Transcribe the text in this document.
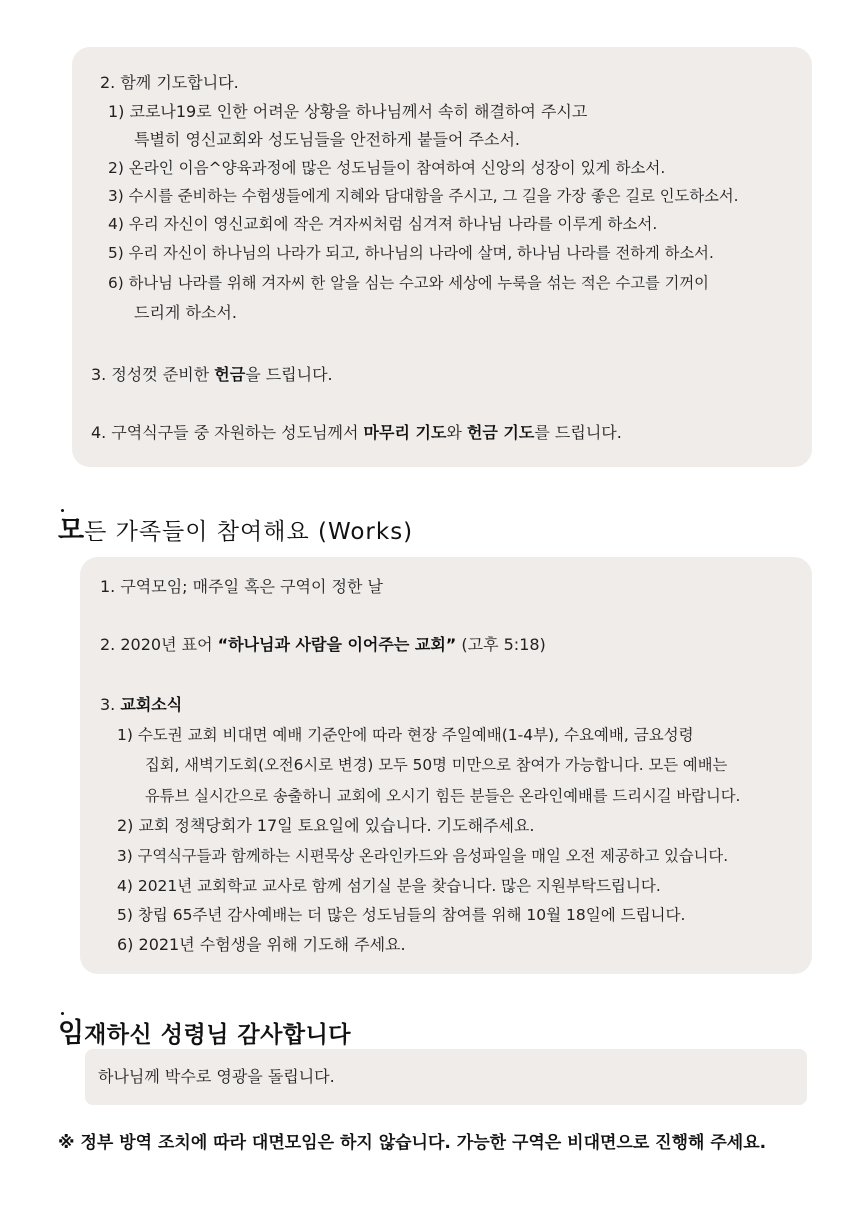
2. 함께 기도합니다.
1) 코로나19로 인한 어려운 상황을 하나님께서 속히 해결하여 주시고
특별히 영신교회와 성도님들을 안전하게 붙들어 주소서.
2) 온라인 이음^양육과정에 많은 성도님들이 참여하여 신앙의 성장이 있게 하소서.
3) 수시를 준비하는 수험생들에게 지혜와 담대함을 주시고, 그 길을 가장 좋은 길로 인도하소서.
4) 우리 자신이 영신교회에 작은 겨자씨처럼 심겨져 하나님 나라를 이루게 하소서.
5) 우리 자신이 하나님의 나라가 되고, 하나님의 나라에 살며, 하나님 나라를 전하게 하소서.
6) 하나님 나라를 위해 겨자씨 한 알을 심는 수고와 세상에 누룩을 섞는 적은 수고를 기꺼이
드리게 하소서.
3. 정성껏 준비한 헌금을 드립니다.
4. 구역식구들 중 자원하는 성도님께서 마무리 기도와 헌금 기도를 드립니다.
모든 가족들이 참여해요 (Works)
1. 구역모임; 매주일 혹은 구역이 정한 날
2. 2020년 표어 “하나님과 사람을 이어주는 교회” (고후 5:18)
3. 교회소식
1) 수도권 교회 비대면 예배 기준안에 따라 현장 주일예배(1-4부), 수요예배, 금요성령
집회, 새벽기도회(오전6시로 변경) 모두 50명 미만으로 참여가 가능합니다. 모든 예배는
유튜브 실시간으로 송출하니 교회에 오시기 힘든 분들은 온라인예배를 드리시길 바랍니다.
2) 교회 정책당회가 17일 토요일에 있습니다. 기도해주세요.
3) 구역식구들과 함께하는 시편묵상 온라인카드와 음성파일을 매일 오전 제공하고 있습니다.
4) 2021년 교회학교 교사로 함께 섬기실 분을 찾습니다. 많은 지원부탁드립니다.
5) 창립 65주년 감사예배는 더 많은 성도님들의 참여를 위해 10월 18일에 드립니다.
6) 2021년 수험생을 위해 기도해 주세요.
임재하신 성령님 감사합니다
하나님께 박수로 영광을 돌립니다.
※ 정부 방역 조치에 따라 대면모임은 하지 않습니다. 가능한 구역은 비대면으로 진행해 주세요.
